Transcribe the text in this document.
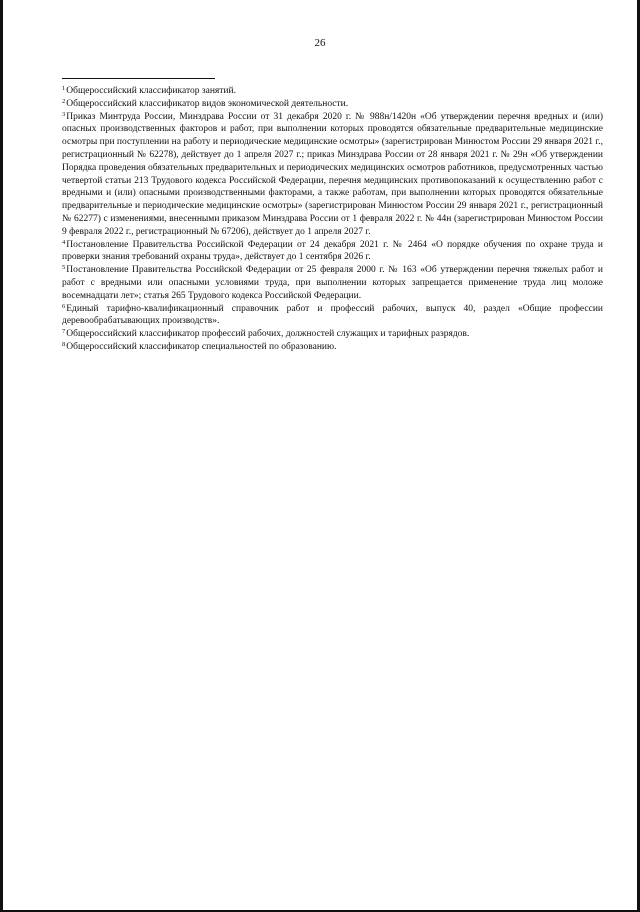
26

$^1$Общероссийский классификатор занятий.

$^2$Общероссийский классификатор видов экономической деятельности.

$^3$Приказ Минтруда России, Минздрава России от 31 декабря 2020 г. № 988н/1420н «Об утверждении перечня вредных и (или) опасных производственных факторов и работ, при выполнении которых проводятся обязательные предварительные медицинские осмотры при поступлении на работу и периодические медицинские осмотры» (зарегистрирован Минюстом России 29 января 2021 г., регистрационный № 62278), действует до 1 апреля 2027 г.; приказ Минздрава России от 28 января 2021 г. № 29н «Об утверждении Порядка проведения обязательных предварительных и периодических медицинских осмотров работников, предусмотренных частью четвертой статьи 213 Трудового кодекса Российской Федерации, перечня медицинских противопоказаний к осуществлению работ с вредными и (или) опасными производственными факторами, а также работам, при выполнении которых проводятся обязательные предварительные и периодические медицинские осмотры» (зарегистрирован Минюстом России 29 января 2021 г., регистрационный № 62277) с изменениями, внесенными приказом Минздрава России от 1 февраля 2022 г. № 44н (зарегистрирован Минюстом России 9 февраля 2022 г., регистрационный № 67206), действует до 1 апреля 2027 г.

$^4$Постановление Правительства Российской Федерации от 24 декабря 2021 г. № 2464 «О порядке обучения по охране труда и проверки знания требований охраны труда», действует до 1 сентября 2026 г.

$^5$Постановление Правительства Российской Федерации от 25 февраля 2000 г. № 163 «Об утверждении перечня тяжелых работ и работ с вредными или опасными условиями труда, при выполнении которых запрещается применение труда лиц моложе восемнадцати лет»; статья 265 Трудового кодекса Российской Федерации.

$^6$Единый тарифно-квалификационный справочник работ и профессий рабочих, выпуск 40, раздел «Общие профессии деревообрабатывающих производств».

$^7$Общероссийский классификатор профессий рабочих, должностей служащих и тарифных разрядов.

$^8$Общероссийский классификатор специальностей по образованию.
